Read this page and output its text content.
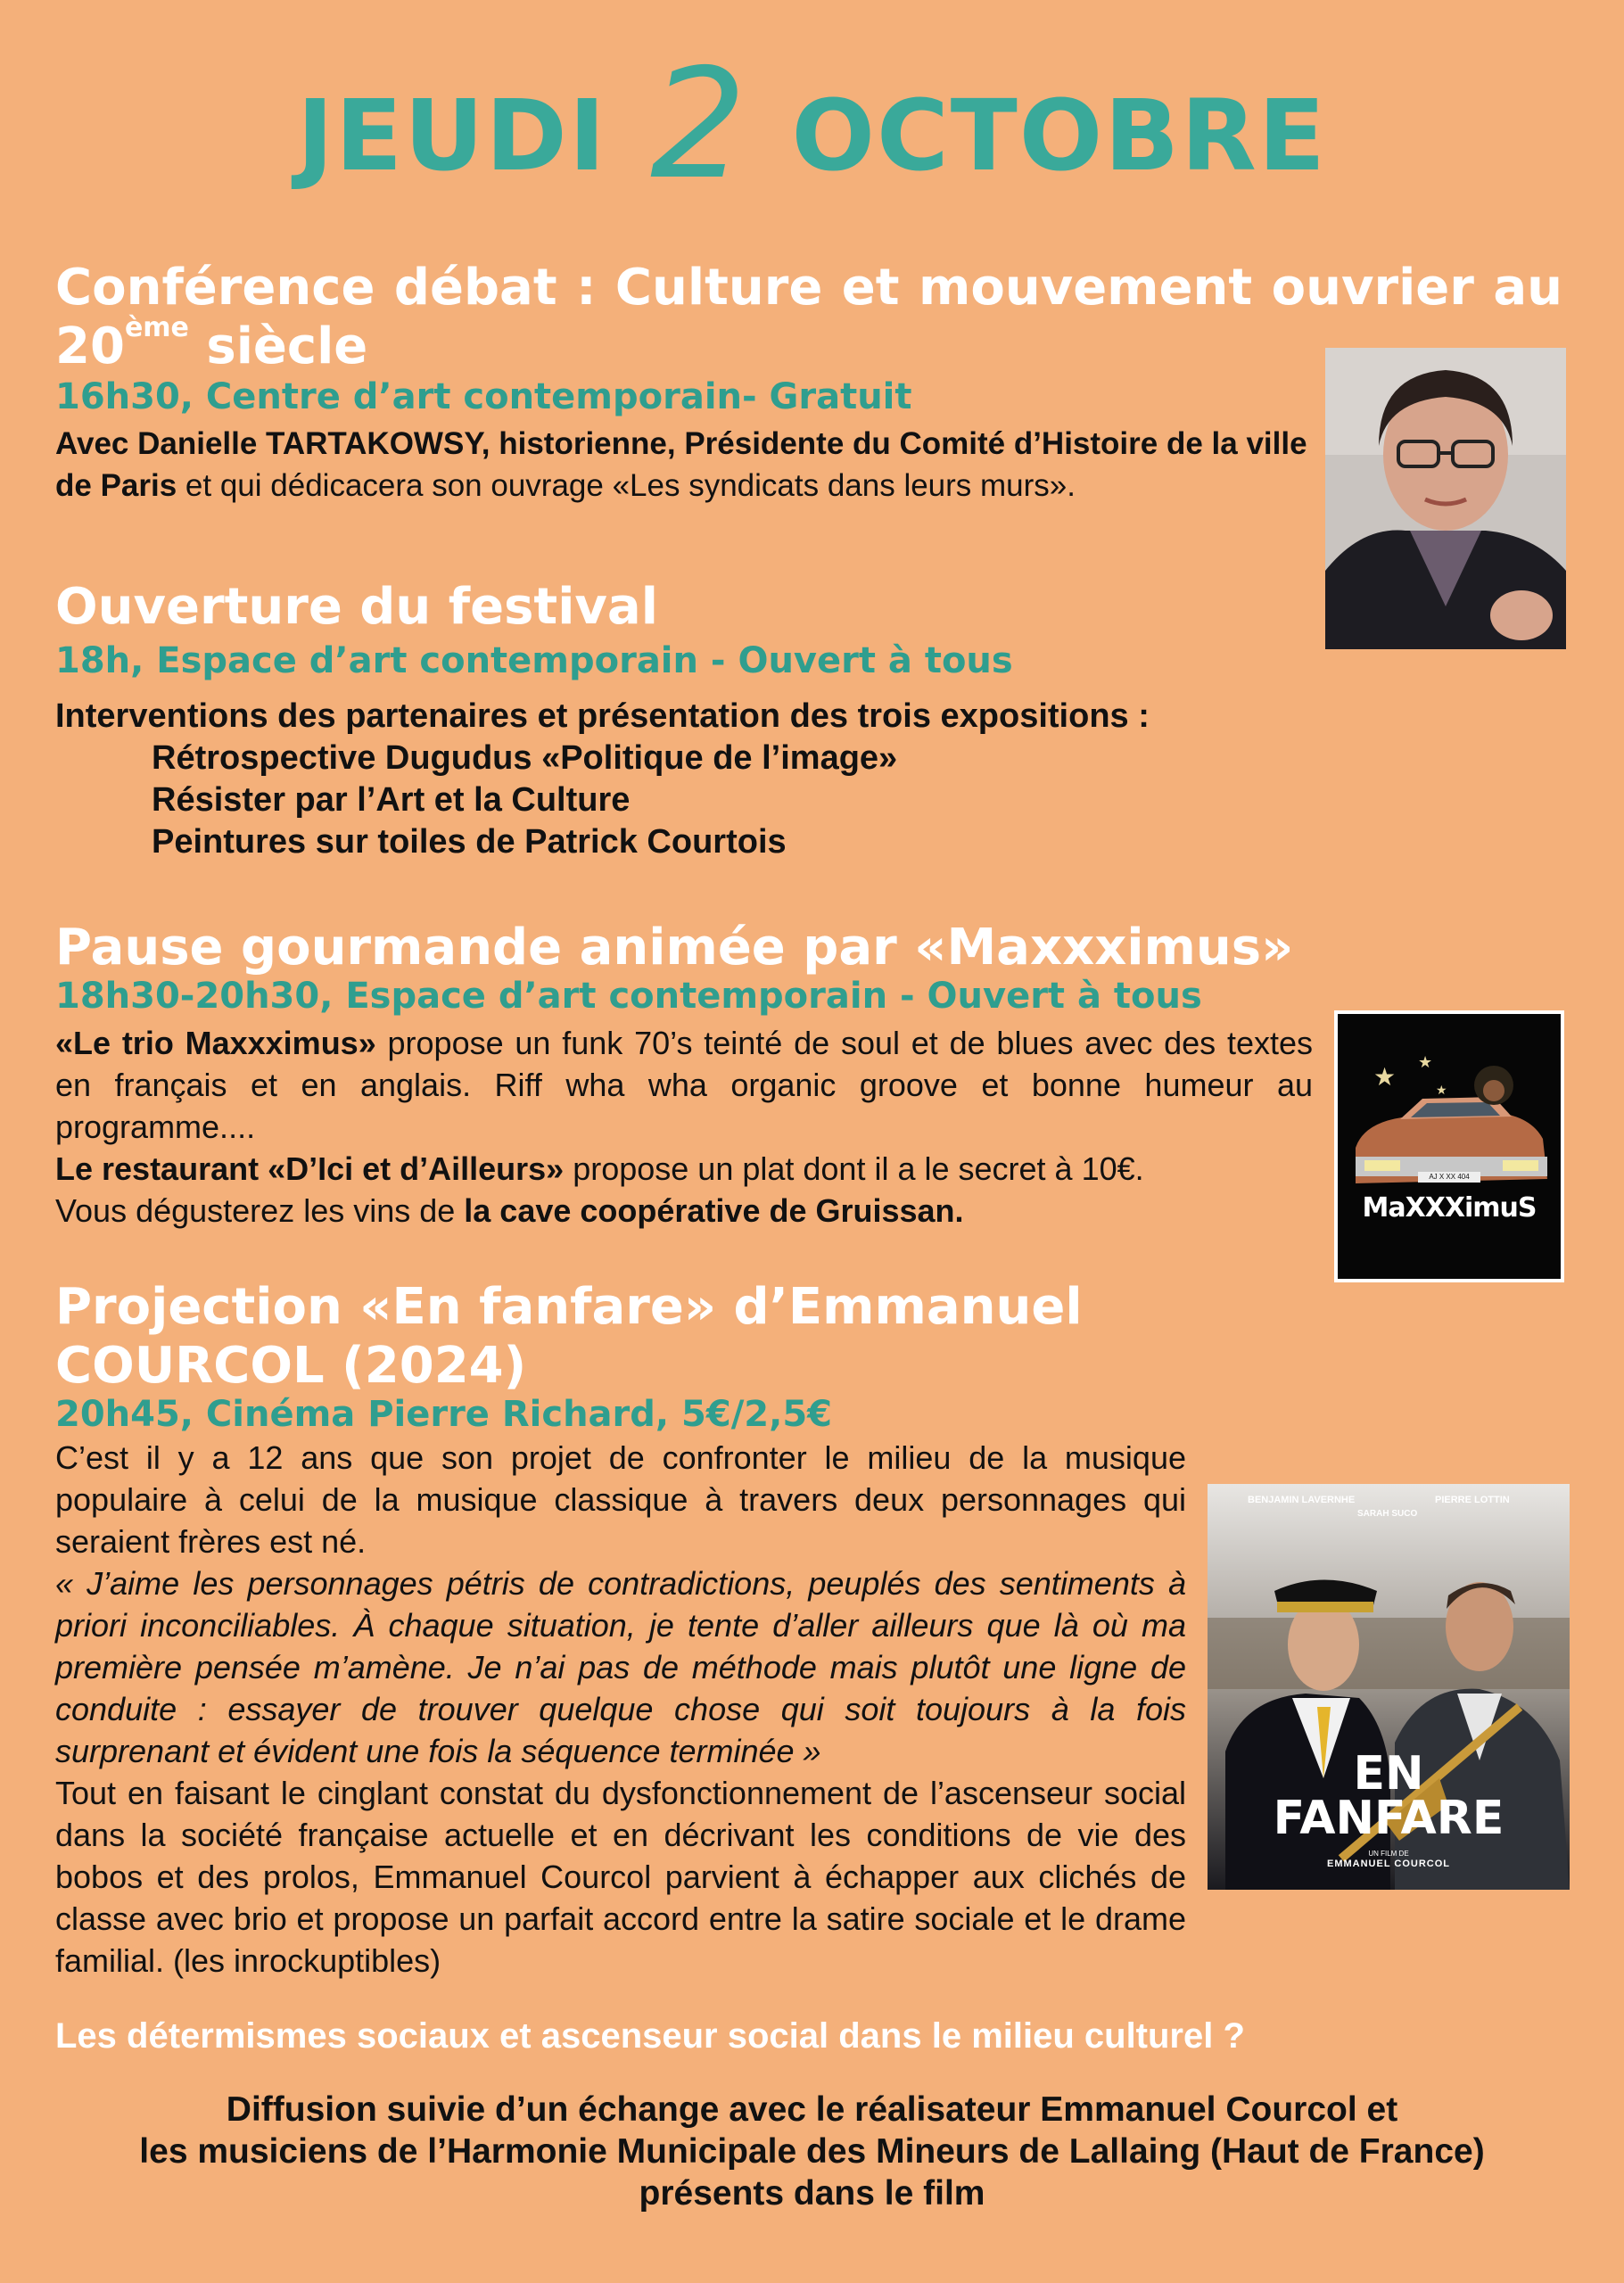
JEUDI 2 OCTOBRE

Conférence débat : Culture et mouvement ouvrier au

20ème siècle

16h30, Centre d’art contemporain- Gratuit

Avec Danielle TARTAKOWSY, historienne, Présidente du Comité d’Histoire de la ville de Paris et qui dédicacera son ouvrage «Les syndicats dans leurs murs».

Ouverture du festival

18h, Espace d’art contemporain - Ouvert à tous

Interventions des partenaires et présentation des trois expositions :

Rétrospective Dugudus «Politique de l’image»

Résister par l’Art et la Culture

Peintures sur toiles de Patrick Courtois

Pause gourmande animée par «Maxxximus»

18h30-20h30, Espace d’art contemporain - Ouvert à tous

«Le trio Maxxximus» propose un funk 70’s teinté de soul et de blues avec des textes en français et en anglais. Riff wha wha organic groove et bonne humeur au programme....

Le restaurant «D’Ici et d’Ailleurs» propose un plat dont il a le secret à 10€.

Vous dégusterez les vins de la cave coopérative de Gruissan.

★ ★
★
AJ X XX 404
MaXXXimuS

Projection «En fanfare» d’Emmanuel

COURCOL (2024)

20h45, Cinéma Pierre Richard, 5€/2,5€

C’est il y a 12 ans que son projet de confronter le milieu de la musique populaire à celui de la musique classique à travers deux personnages qui seraient frères est né.

« J’aime les personnages pétris de contradictions, peuplés des sentiments à priori inconciliables. À chaque situation, je tente d’aller ailleurs que là où ma première pensée m’amène. Je n’ai pas de méthode mais plutôt une ligne de conduite : essayer de trouver quelque chose qui soit toujours à la fois surprenant et évident une fois la séquence terminée »

Tout en faisant le cinglant constat du dysfonctionnement de l’ascenseur social dans la société française actuelle et en décrivant les conditions de vie des bobos et des prolos, Emmanuel Courcol parvient à échapper aux clichés de classe avec brio et propose un parfait accord entre la satire sociale et le drame familial. (les inrockuptibles)

BENJAMIN LAVERNHE	PIERRE LOTTIN
SARAH SUCO
EN
FANFARE
UN FILM DE
EMMANUEL COURCOL
Les détermismes sociaux et ascenseur social dans le milieu culturel ?
Diffusion suivie d’un échange avec le réalisateur Emmanuel Courcol et
les musiciens de l’Harmonie Municipale des Mineurs de Lallaing (Haut de France)
présents dans le film
